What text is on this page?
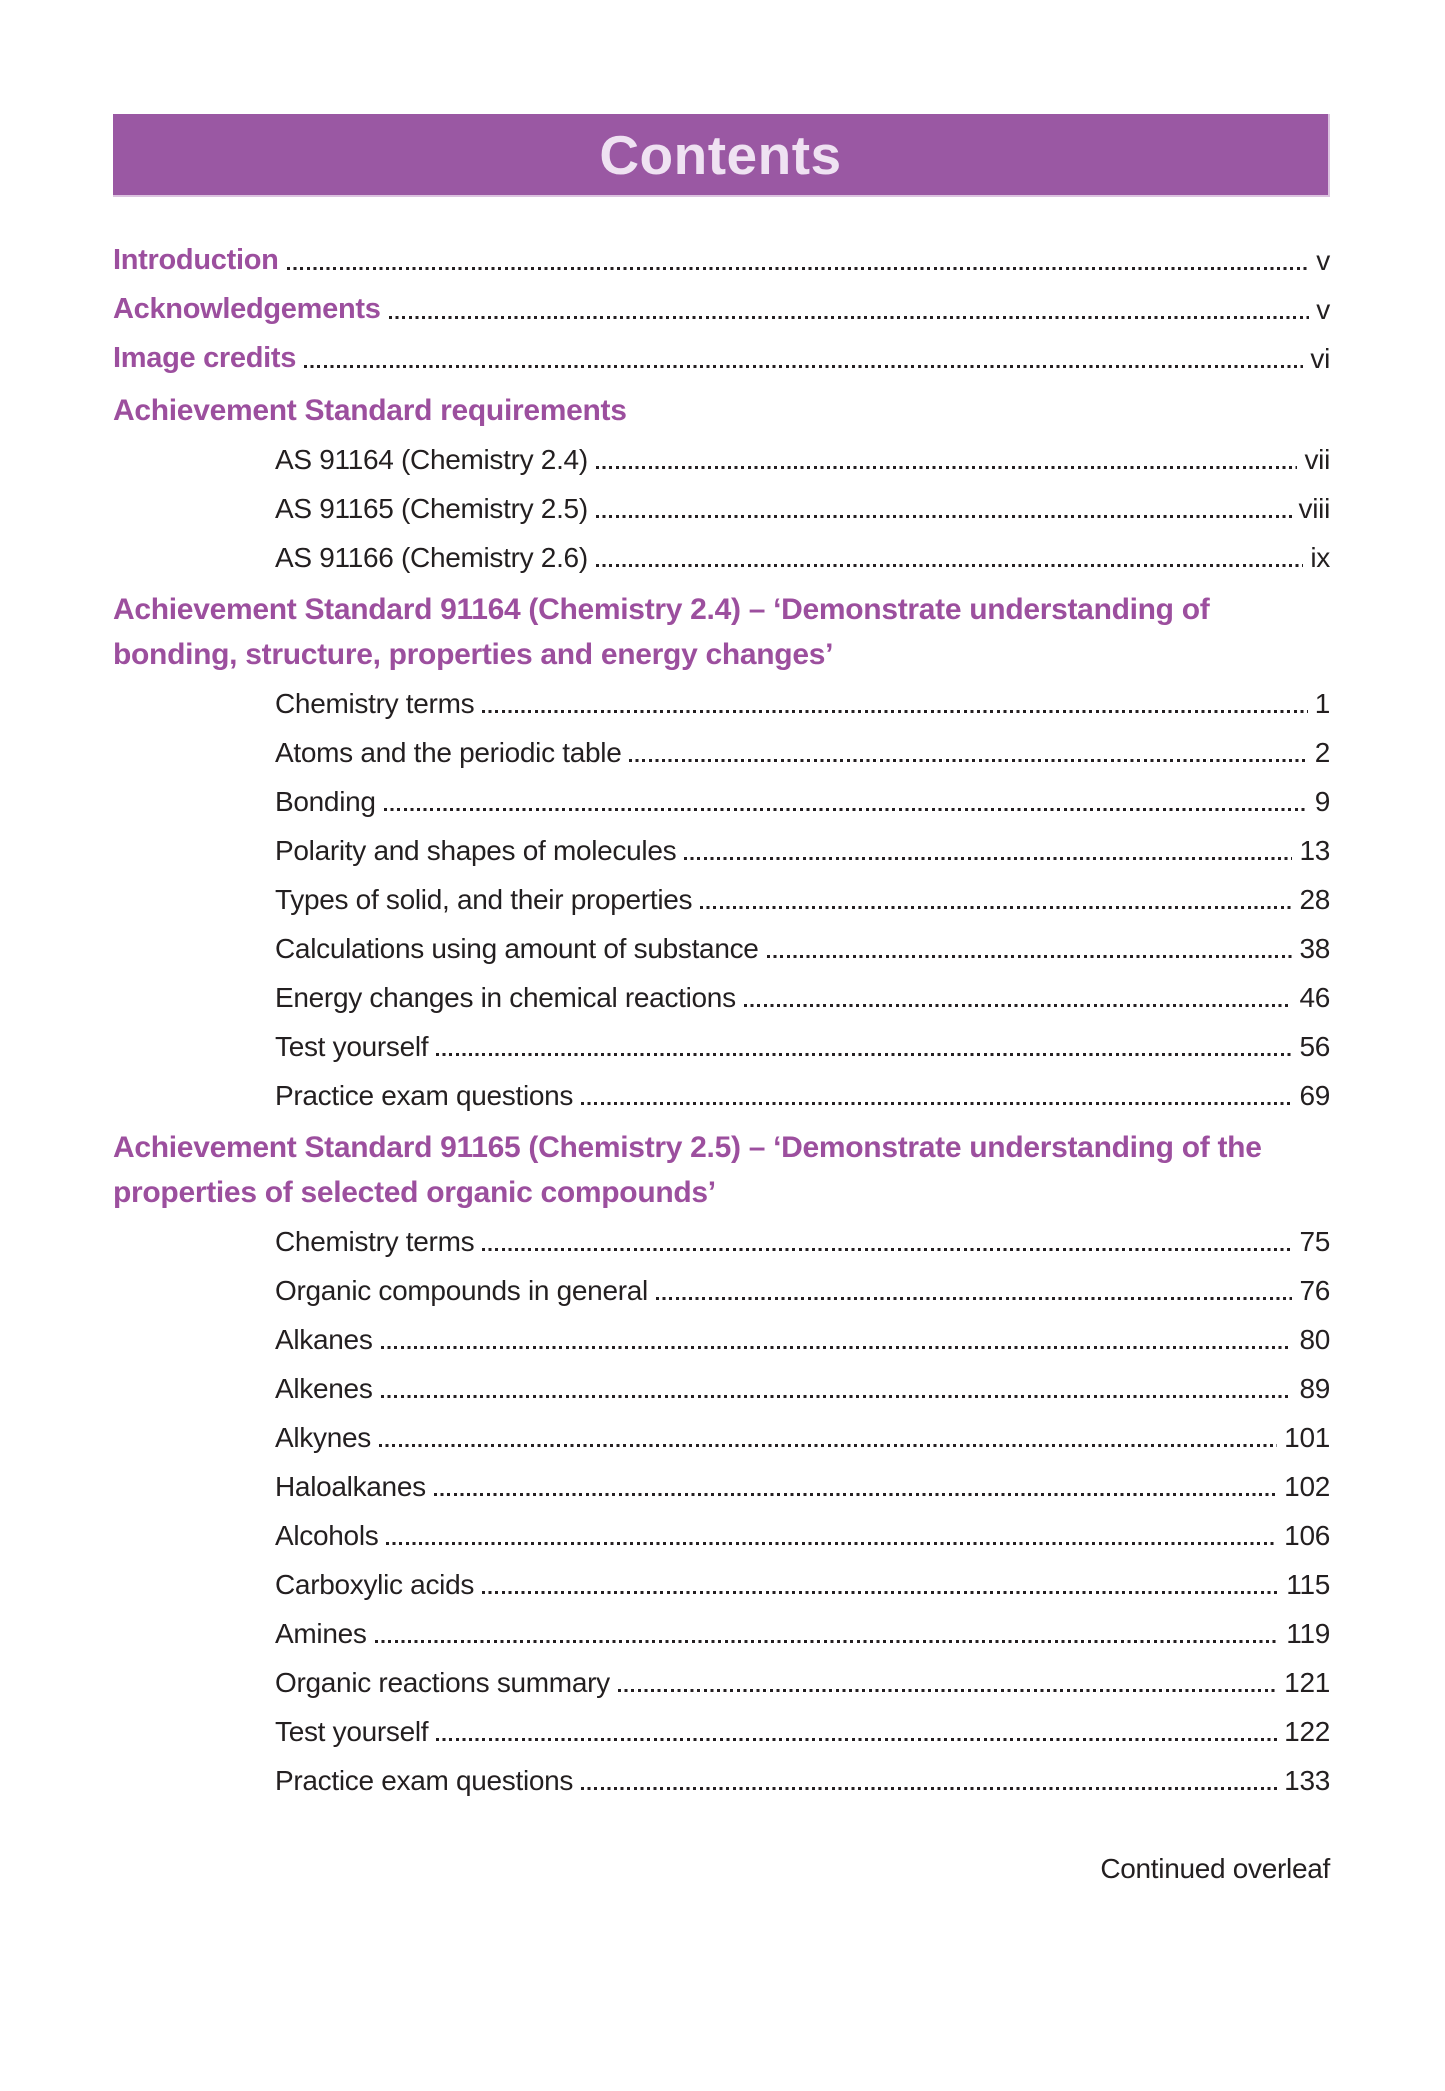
Contents
Introduction	v
Acknowledgements	v
Image credits	vi
Achievement Standard requirements
AS 91164 (Chemistry 2.4)	vii
AS 91165 (Chemistry 2.5)	viii
AS 91166 (Chemistry 2.6)	ix
Achievement Standard 91164 (Chemistry 2.4) – ‘Demonstrate understanding of bonding, structure, properties and energy changes’
Chemistry terms	1
Atoms and the periodic table	2
Bonding	9
Polarity and shapes of molecules	13
Types of solid, and their properties	28
Calculations using amount of substance	38
Energy changes in chemical reactions	46
Test yourself	56
Practice exam questions	69
Achievement Standard 91165 (Chemistry 2.5) – ‘Demonstrate understanding of the properties of selected organic compounds’
Chemistry terms	75
Organic compounds in general	76
Alkanes	80
Alkenes	89
Alkynes	101
Haloalkanes	102
Alcohols	106
Carboxylic acids	115
Amines	119
Organic reactions summary	121
Test yourself	122
Practice exam questions	133
Continued overleaf
